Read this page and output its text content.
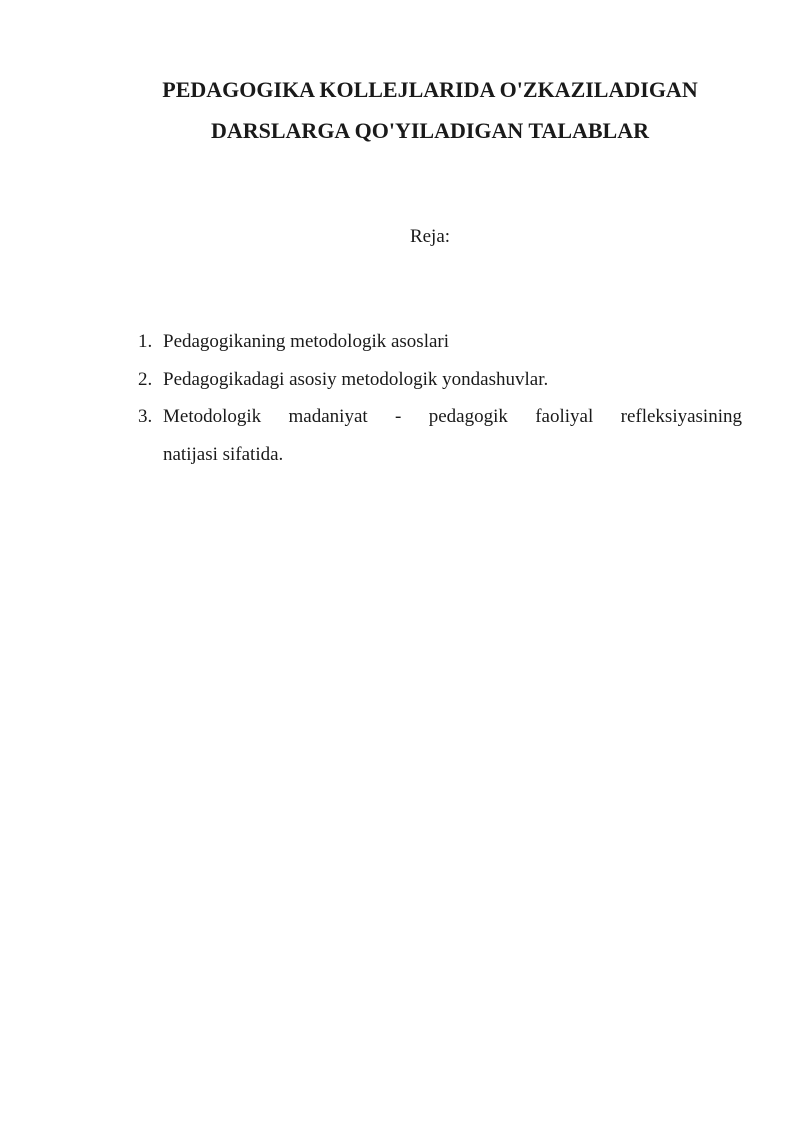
PEDAGOGIKA KOLLEJLARIDA O'ZKAZILADIGAN
DARSLARGA QO'YILADIGAN TALABLAR

Reja:

1. Pedagogikaning metodologik asoslari
2. Pedagogikadagi asosiy metodologik yondashuvlar.
3. Metodologik madaniyat - pedagogik faoliyal refleksiyasining
natijasi sifatida.
